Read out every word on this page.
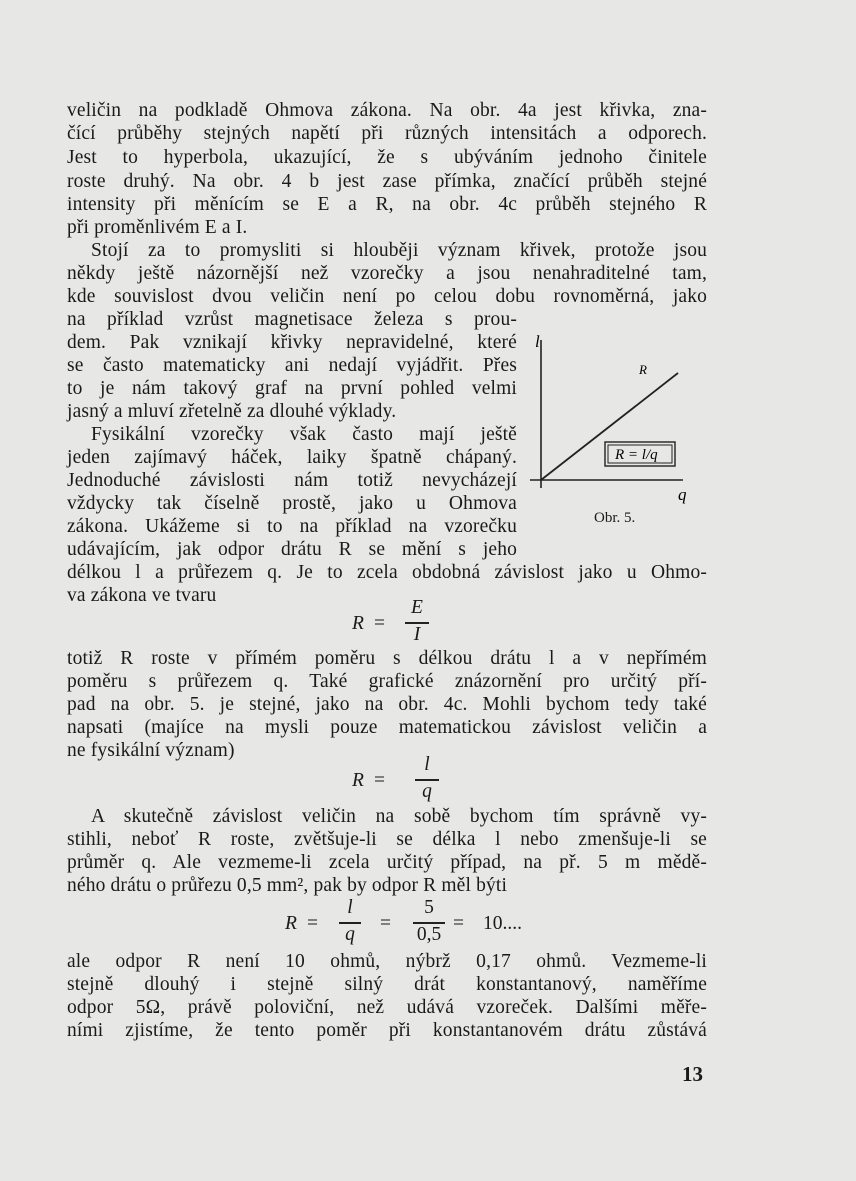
veličin na podkladě Ohmova zákona. Na obr. 4a jest křivka, zna-
čící průběhy stejných napětí při různých intensitách a odporech.
Jest to hyperbola, ukazující, že s ubýváním jednoho činitele
roste druhý. Na obr. 4 b jest zase přímka, značící průběh stejné
intensity při měnícím se E a R, na obr. 4c průběh stejného R
při proměnlivém E a I.
Stojí za to promysliti si hlouběji význam křivek, protože jsou
někdy ještě názornější než vzorečky a jsou nenahraditelné tam,
kde souvislost dvou veličin není po celou dobu rovnoměrná, jako
na příklad vzrůst magnetisace železa s prou-
dem. Pak vznikají křivky nepravidelné, které
se často matematicky ani nedají vyjádřit. Přes
to je nám takový graf na první pohled velmi
jasný a mluví zřetelně za dlouhé výklady.
Fysikální vzorečky však často mají ještě
jeden zajímavý háček, laiky špatně chápaný.
Jednoduché závislosti nám totiž nevycházejí
vždycky tak číselně prostě, jako u Ohmova
zákona. Ukážeme si to na příklad na vzorečku
udávajícím, jak odpor drátu R se mění s jeho
délkou l a průřezem q. Je to zcela obdobná závislost jako u Ohmo-
va zákona ve tvaru
R =
E
I
totiž R roste v přímém poměru s délkou drátu l a v nepřímém
poměru s průřezem q. Také grafické znázornění pro určitý pří-
pad na obr. 5. je stejné, jako na obr. 4c. Mohli bychom tedy také
napsati (majíce na mysli pouze matematickou závislost veličin a
ne fysikální význam)
R =
l
q
A skutečně závislost veličin na sobě bychom tím správně vy-
stihli, neboť R roste, zvětšuje-li se délka l nebo zmenšuje-li se
průměr q. Ale vezmeme-li zcela určitý případ, na př. 5 m mědě-
ného drátu o průřezu 0,5 mm², pak by odpor R měl býti
R =
l
q
=
5
0,5
= 10....
ale odpor R není 10 ohmů, nýbrž 0,17 ohmů. Vezmeme-li
stejně dlouhý i stejně silný drát konstantanový, naměříme
odpor 5Ω, právě poloviční, než udává vzoreček. Dalšími měře-
ními zjistíme, že tento poměr při konstantanovém drátu zůstává
l
q
R
R = l/q
Obr. 5.
13
